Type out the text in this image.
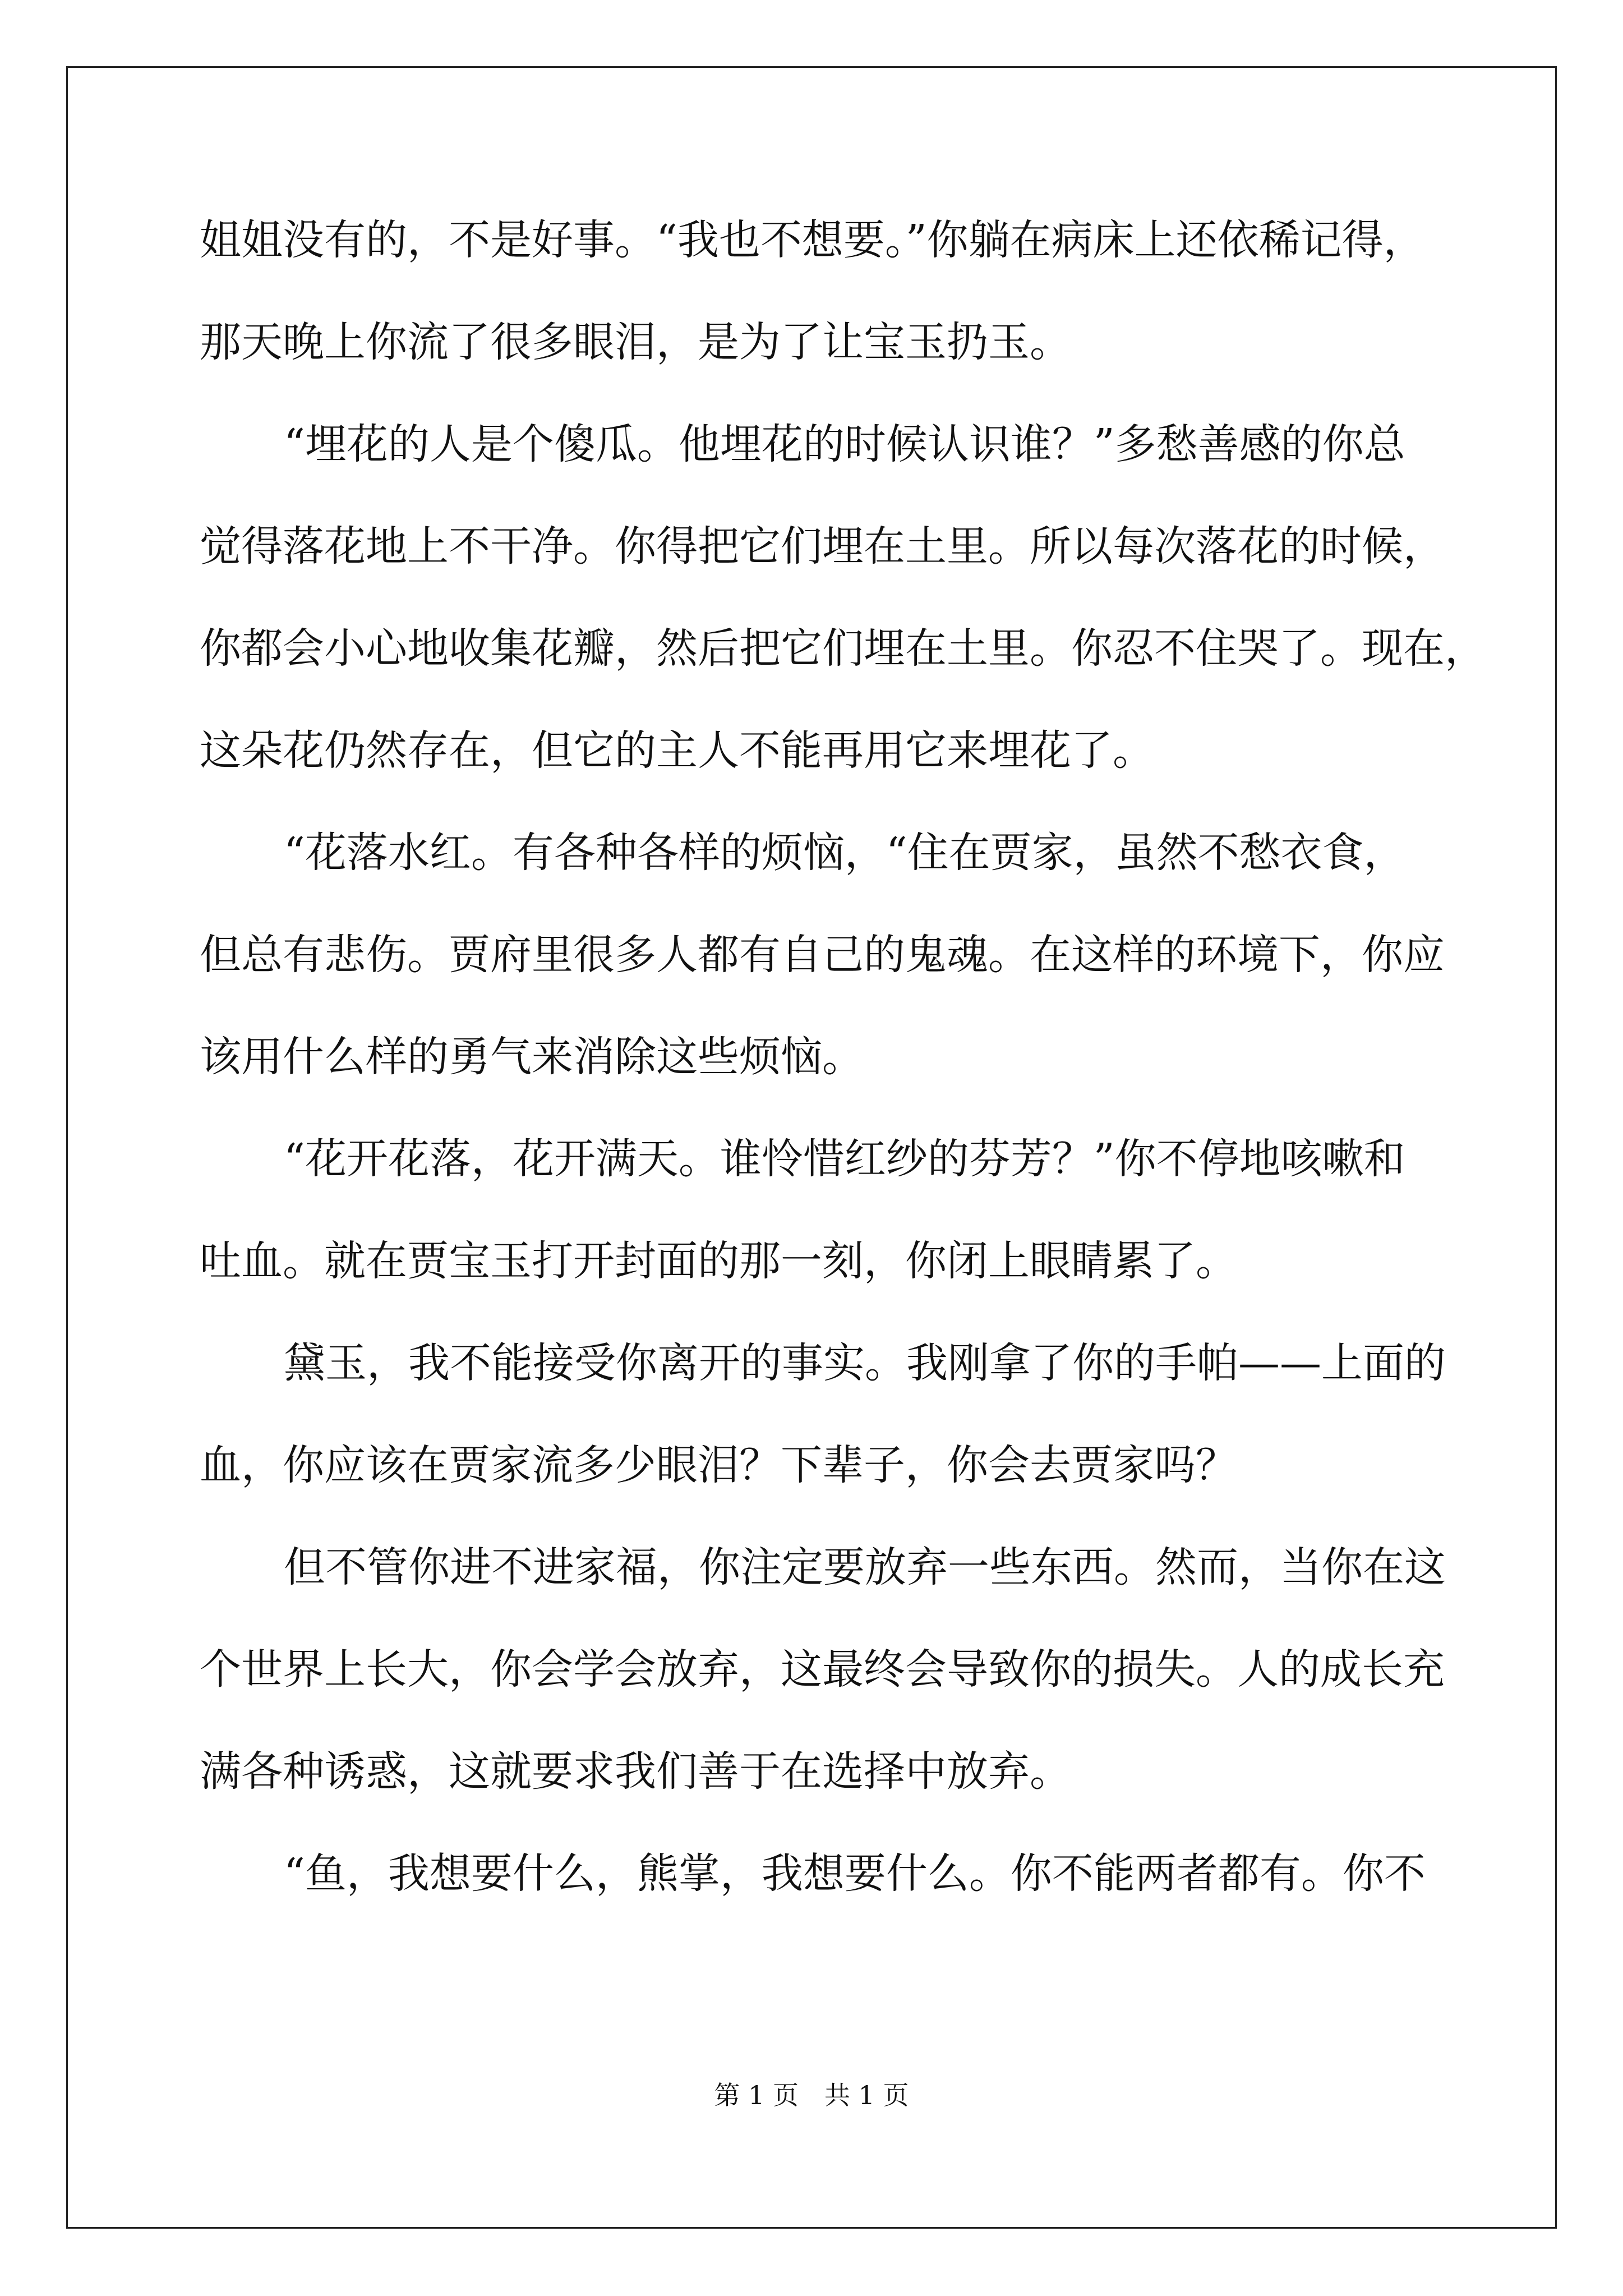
姐姐没有的，不是好事。“我也不想要。”你躺在病床上还依稀记得，
那天晚上你流了很多眼泪，是为了让宝玉扔玉。
“埋花的人是个傻瓜。他埋花的时候认识谁？”多愁善感的你总
觉得落花地上不干净。你得把它们埋在土里。所以每次落花的时候，
你都会小心地收集花瓣，然后把它们埋在土里。你忍不住哭了。现在，
这朵花仍然存在，但它的主人不能再用它来埋花了。
“花落水红。有各种各样的烦恼，“住在贾家，虽然不愁衣食，
但总有悲伤。贾府里很多人都有自己的鬼魂。在这样的环境下，你应
该用什么样的勇气来消除这些烦恼。
“花开花落，花开满天。谁怜惜红纱的芬芳？”你不停地咳嗽和
吐血。就在贾宝玉打开封面的那一刻，你闭上眼睛累了。
黛玉，我不能接受你离开的事实。我刚拿了你的手帕——上面的
血，你应该在贾家流多少眼泪？下辈子，你会去贾家吗？
但不管你进不进家福，你注定要放弃一些东西。然而，当你在这
个世界上长大，你会学会放弃，这最终会导致你的损失。人的成长充
满各种诱惑，这就要求我们善于在选择中放弃。
“鱼，我想要什么，熊掌，我想要什么。你不能两者都有。你不
第 1 页　共 1 页
